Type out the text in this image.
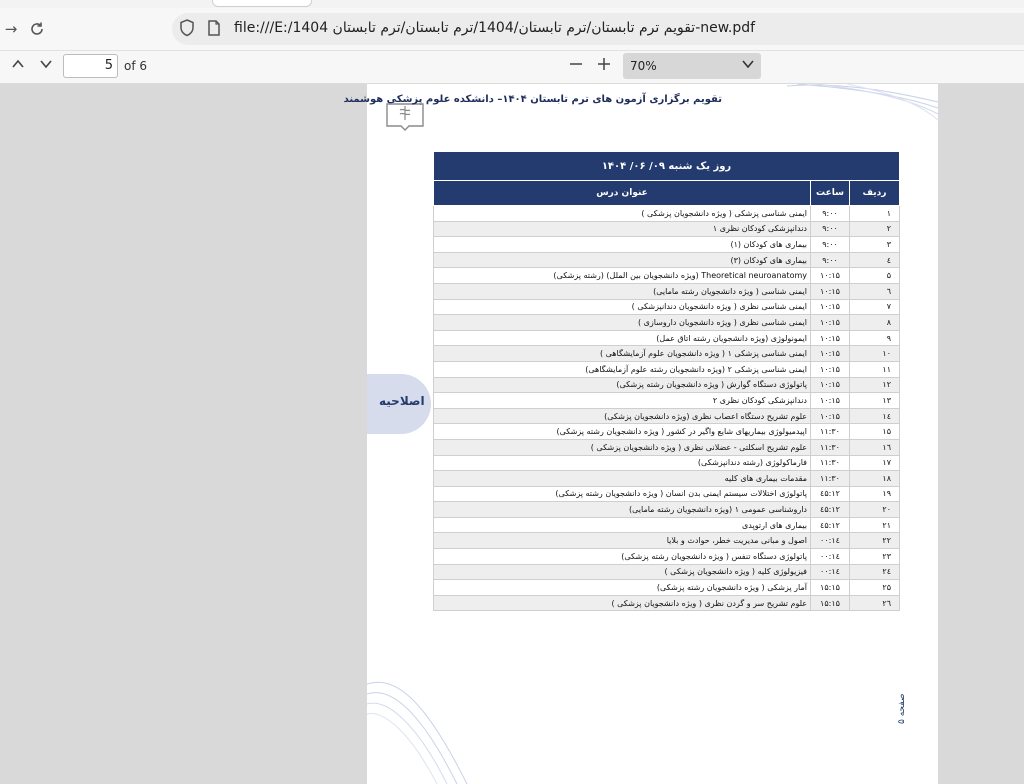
→	file:///E:/1404 تقویم ترم تابستان/ترم تابستان/1404/ترم تابستان/ترم تابستان-new.pdf
5 of 6	70%
تقویم برگزاری آزمون های ترم تابستان ۱۴۰۴– دانشکده علوم پزشکی هوشمند
روز یک شنبه ۰۹/ ۰۶/ ۱۴۰۴		
ردیف	ساعت	عنوان درس
۱	۹:۰۰	ایمنی شناسی پزشکی ( ویژه دانشجویان پزشکی )
۲	۹:۰۰	دندانپزشکی کودکان نظری ۱
۳	۹:۰۰	بیماری های کودکان (۱)
٤	۹:۰۰	بیماری های کودکان (۳)
۵	۱۰:۱۵	Theoretical neuroanatomy (ویژه دانشجویان بین الملل) (رشته پزشکی)
٦	۱۰:۱۵	ایمنی شناسی ( ویژه دانشجویان رشته مامایی)
۷	۱۰:۱۵	ایمنی شناسی نظری ( ویژه دانشجویان دندانپزشکی )
۸	۱۰:۱۵	ایمنی شناسی نظری ( ویژه دانشجویان داروسازی )
۹	۱۰:۱۵	ایمونولوژی (ویژه دانشجویان رشته اتاق عمل)
۱۰	۱۰:۱۵	ایمنی شناسی پزشکی ۱ ( ویژه دانشجویان علوم آزمایشگاهی )
۱۱	۱۰:۱۵	ایمنی شناسی پزشکی ۲ (ویژه دانشجویان رشته علوم آزمایشگاهی)
۱۲	۱۰:۱۵	پاتولوژی دستگاه گوارش ( ویژه دانشجویان رشته پزشکی)
۱۳	۱۰:۱۵	دندانپزشکی کودکان نظری ۲
۱٤	۱۰:۱۵	علوم تشریح دستگاه اعصاب نظری (ویژه دانشجویان پزشکی)
۱۵	۱۱:۳۰	اپیدمیولوژی بیماریهای شایع واگیر در کشور ( ویژه دانشجویان رشته پزشکی)
۱٦	۱۱:۳۰	علوم تشریح اسکلتی - عضلانی نظری ( ویژه دانشجویان پزشکی )
۱۷	۱۱:۳۰	فارماکولوژی (رشته دندانپزشکی)
۱۸	۱۱:۳۰	مقدمات بیماری های کلیه
۱۹	۱۲:٤۵	پاتولوژی اختلالات سیستم ایمنی بدن انسان ( ویژه دانشجویان رشته پزشکی)
۲۰	۱۲:٤۵	داروشناسی عمومی ۱ (ویژه دانشجویان رشته مامایی)
۲۱	۱۲:٤۵	بیماری های ارتوپدی
۲۲	۱٤:۰۰	اصول و مبانی مدیریت خطر، حوادث و بلایا
۲۳	۱٤:۰۰	پاتولوژی دستگاه تنفس ( ویژه دانشجویان رشته پزشکی)
۲٤	۱٤:۰۰	فیزیولوژی کلیه ( ویژه دانشجویان پزشکی )
۲۵	۱۵:۱۵	آمار پزشکی ( ویژه دانشجویان رشته پزشکی)
۲٦	۱۵:۱۵	علوم تشریح سر و گردن نظری ( ویژه دانشجویان پزشکی )
صفحه ۵
اصلاحیه
